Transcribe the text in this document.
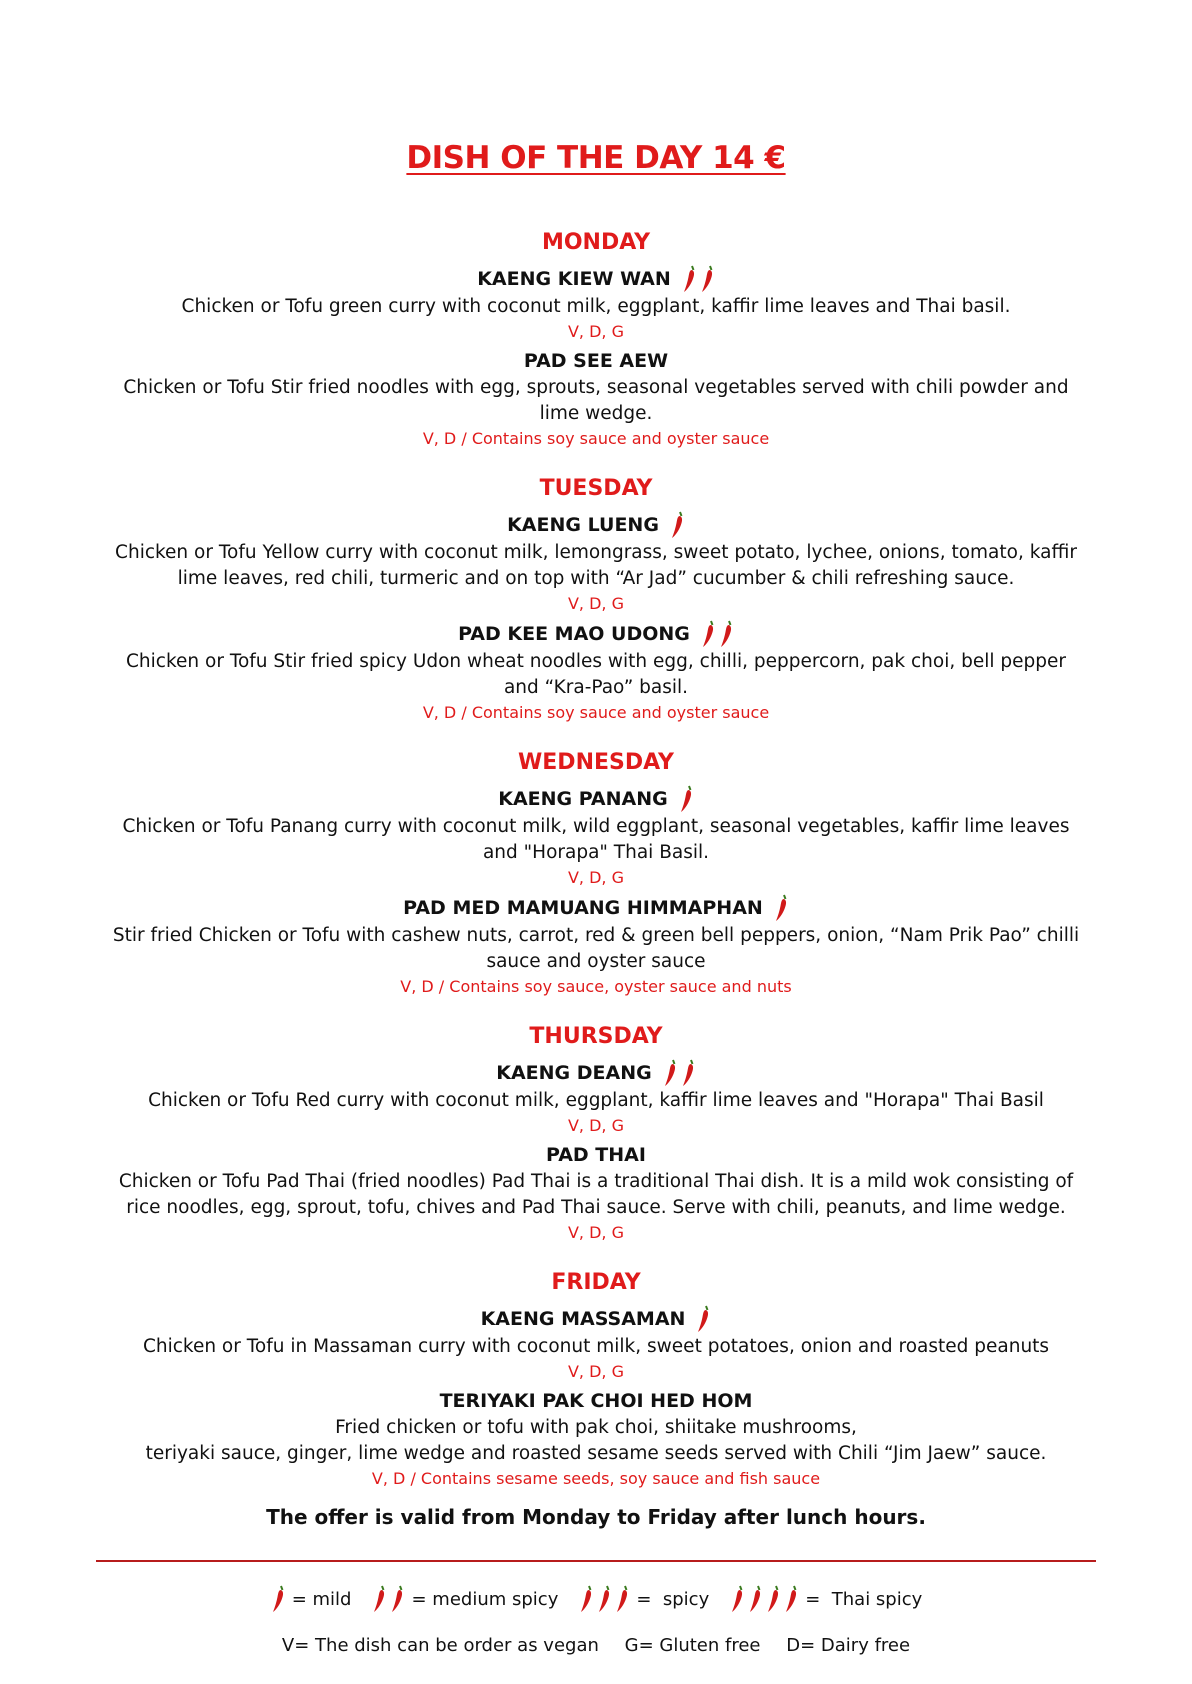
DISH OF THE DAY 14 €
MONDAY
KAENG KIEW WAN
Chicken or Tofu green curry with coconut milk, eggplant, kaffir lime leaves and Thai basil.
V, D, G
PAD SEE AEW
Chicken or Tofu Stir fried noodles with egg, sprouts, seasonal vegetables served with chili powder and lime wedge.
V, D / Contains soy sauce and oyster sauce
TUESDAY
KAENG LUENG
Chicken or Tofu Yellow curry with coconut milk, lemongrass, sweet potato, lychee, onions, tomato, kaffir lime leaves, red chili, turmeric and on top with “Ar Jad” cucumber & chili refreshing sauce.
V, D, G
PAD KEE MAO UDONG
Chicken or Tofu Stir fried spicy Udon wheat noodles with egg, chilli, peppercorn, pak choi, bell pepper and “Kra-Pao” basil.
V, D / Contains soy sauce and oyster sauce
WEDNESDAY
KAENG PANANG
Chicken or Tofu Panang curry with coconut milk, wild eggplant, seasonal vegetables, kaffir lime leaves and "Horapa" Thai Basil.
V, D, G
PAD MED MAMUANG HIMMAPHAN
Stir fried Chicken or Tofu with cashew nuts, carrot, red & green bell peppers, onion, “Nam Prik Pao” chilli sauce and oyster sauce
V, D / Contains soy sauce, oyster sauce and nuts
THURSDAY
KAENG DEANG
Chicken or Tofu Red curry with coconut milk, eggplant, kaffir lime leaves and "Horapa" Thai Basil
V, D, G
PAD THAI
Chicken or Tofu Pad Thai (fried noodles) Pad Thai is a traditional Thai dish. It is a mild wok consisting of rice noodles, egg, sprout, tofu, chives and Pad Thai sauce. Serve with chili, peanuts, and lime wedge.
V, D, G
FRIDAY
KAENG MASSAMAN
Chicken or Tofu in Massaman curry with coconut milk, sweet potatoes, onion and roasted peanuts
V, D, G
TERIYAKI PAK CHOI HED HOM
Fried chicken or tofu with pak choi, shiitake mushrooms,
teriyaki sauce, ginger, lime wedge and roasted sesame seeds served with Chili “Jim Jaew” sauce.
V, D / Contains sesame seeds, soy sauce and fish sauce
The offer is valid from Monday to Friday after lunch hours.
= mild	= medium spicy	=  spicy	=  Thai spicy
V= The dish can be order as vegan G= Gluten free D= Dairy free
